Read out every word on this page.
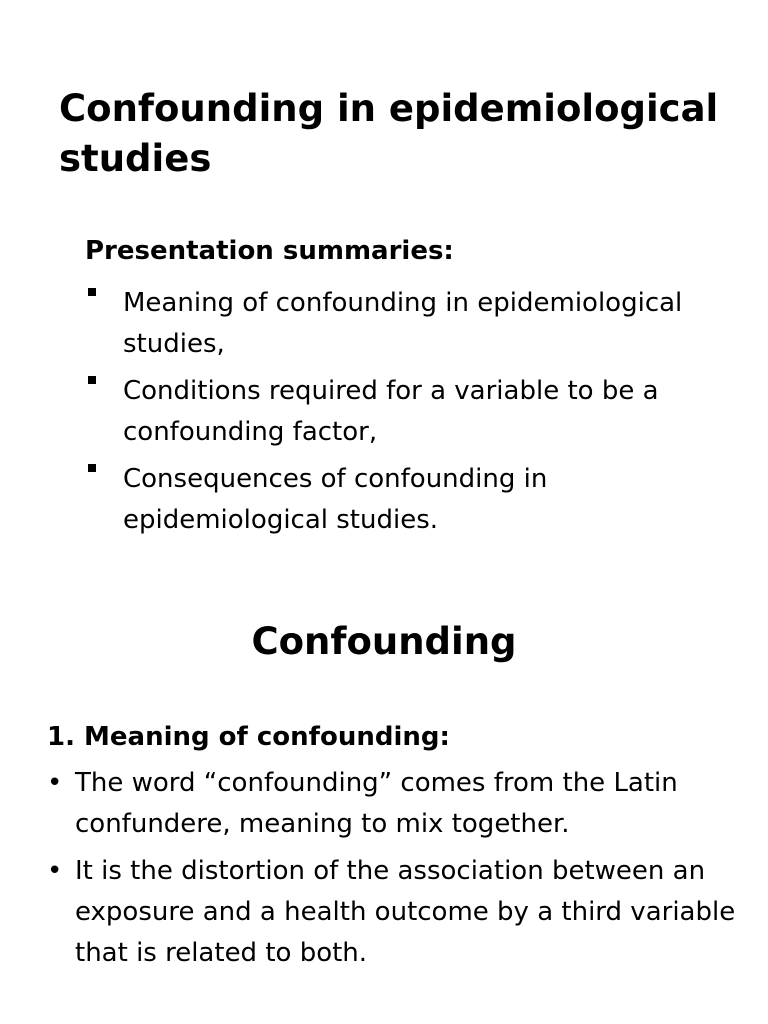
Confounding in epidemiological studies

Presentation summaries:

Meaning of confounding in epidemiological studies,
Conditions required for a variable to be a confounding factor,
Consequences of confounding in epidemiological studies.
Confounding

1. Meaning of confounding:

• The word “confounding” comes from the Latin confundere, meaning to mix together.
• It is the distortion of the association between an exposure and a health outcome by a third variable that is related to both.
